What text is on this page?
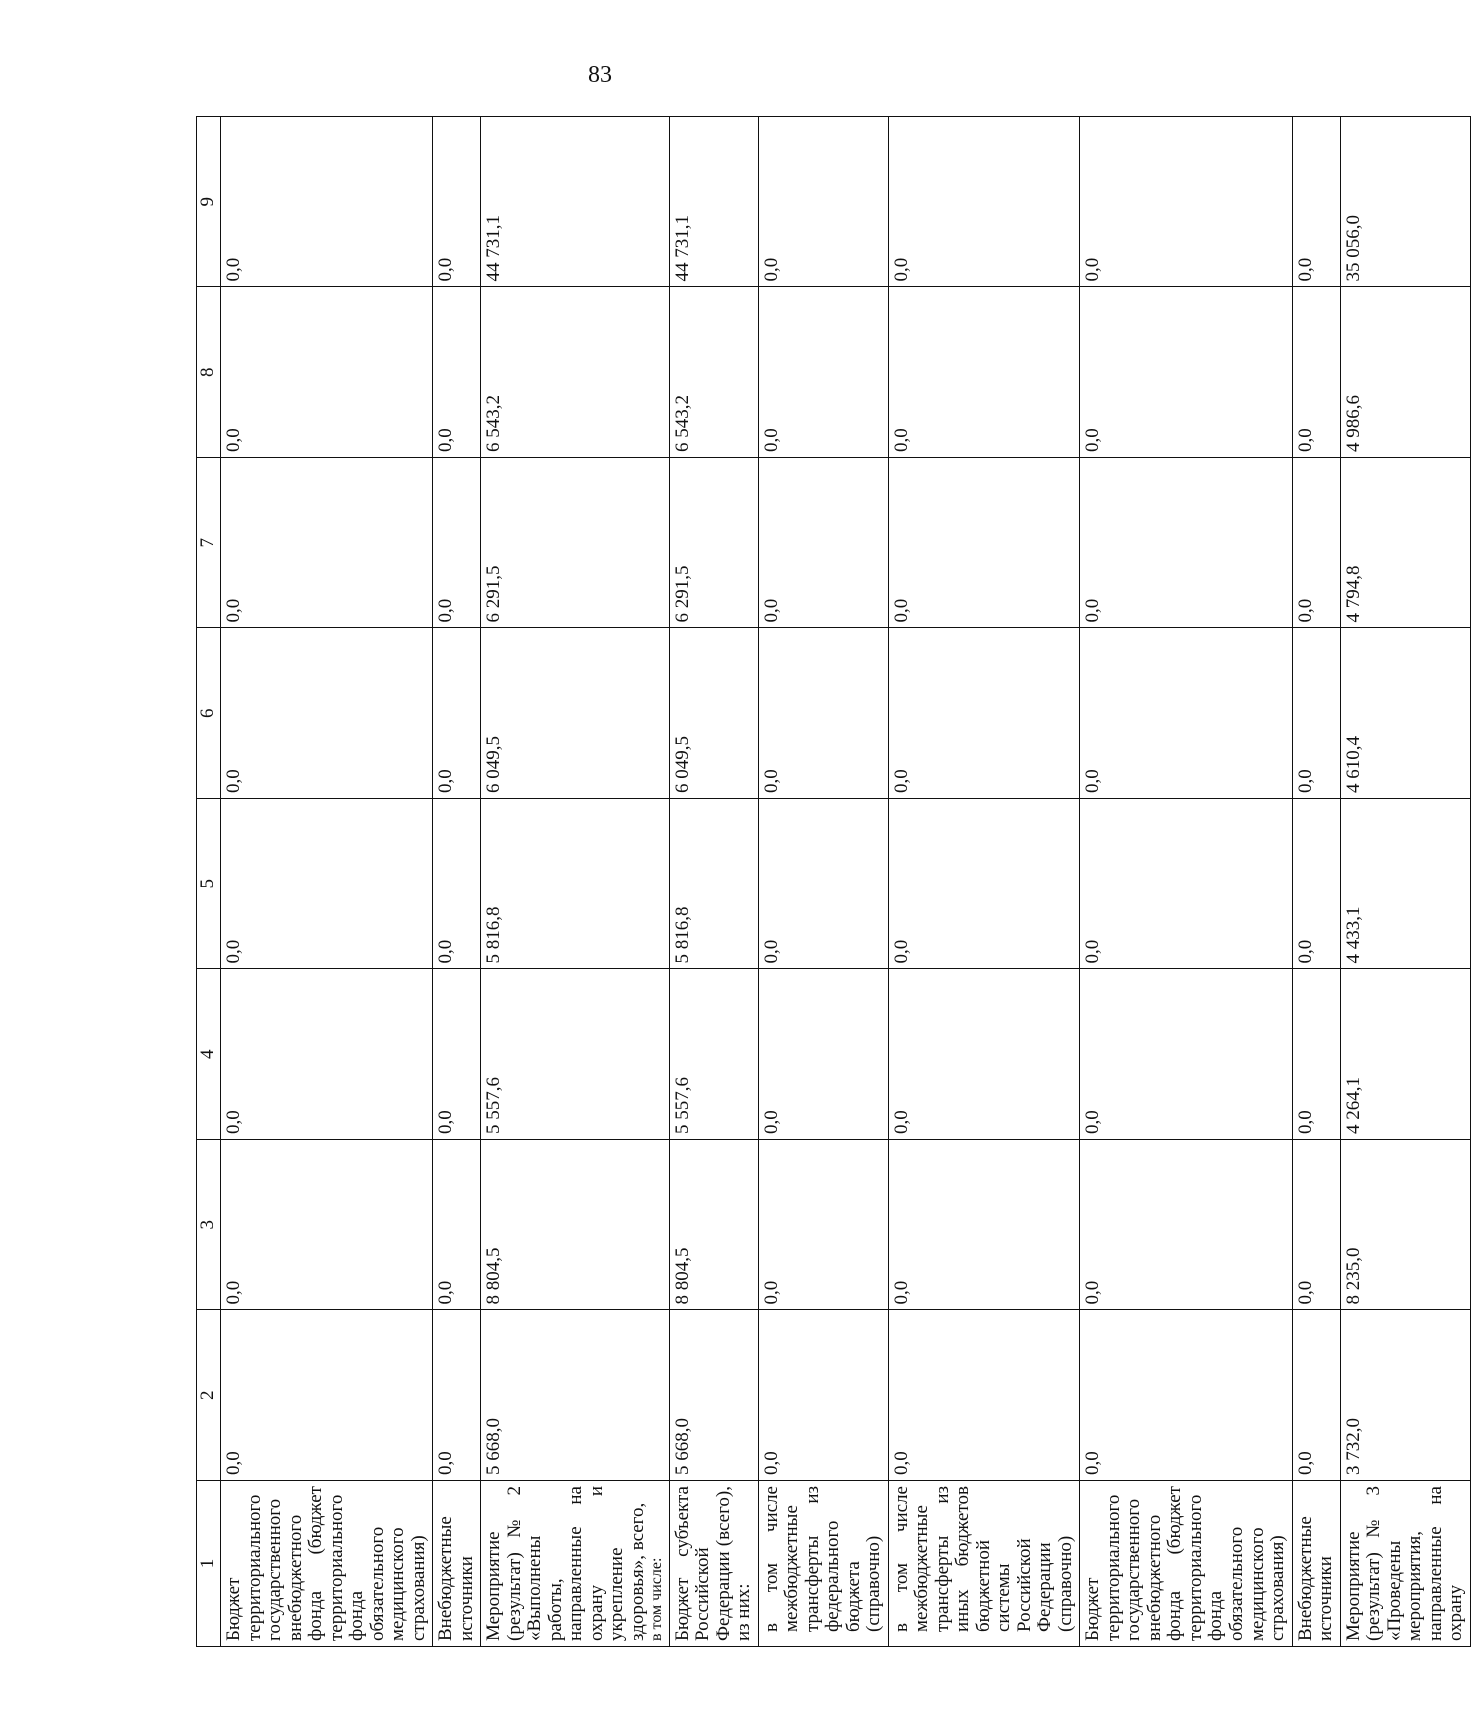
83
1	2	3	4	5	6	7	8	9
Бюджет территориального государственного внебюджетного фонда (бюджет территориального фонда обязательного медицинского страхования)	0,0	0,0	0,0	0,0	0,0	0,0	0,0	0,0
Внебюджетные источники	0,0	0,0	0,0	0,0	0,0	0,0	0,0	0,0
Мероприятие (результат) № 2 «Выполнены работы, направленные на охрану и укрепление здоровья», всего, в том числе:	5 668,0	8 804,5	5 557,6	5 816,8	6 049,5	6 291,5	6 543,2	44 731,1
Бюджет субъекта Российской Федерации (всего), из них:	5 668,0	8 804,5	5 557,6	5 816,8	6 049,5	6 291,5	6 543,2	44 731,1
в том числе межбюджетные трансферты из федерального бюджета (справочно)	0,0	0,0	0,0	0,0	0,0	0,0	0,0	0,0
в том числе межбюджетные трансферты из иных бюджетов бюджетной системы Российской Федерации (справочно)	0,0	0,0	0,0	0,0	0,0	0,0	0,0	0,0
Бюджет территориального государственного внебюджетного фонда (бюджет территориального фонда обязательного медицинского страхования)	0,0	0,0	0,0	0,0	0,0	0,0	0,0	0,0
Внебюджетные источники	0,0	0,0	0,0	0,0	0,0	0,0	0,0	0,0
Мероприятие (результат) № 3 «Проведены мероприятия, направленные на охрану	3 732,0	8 235,0	4 264,1	4 433,1	4 610,4	4 794,8	4 986,6	35 056,0
